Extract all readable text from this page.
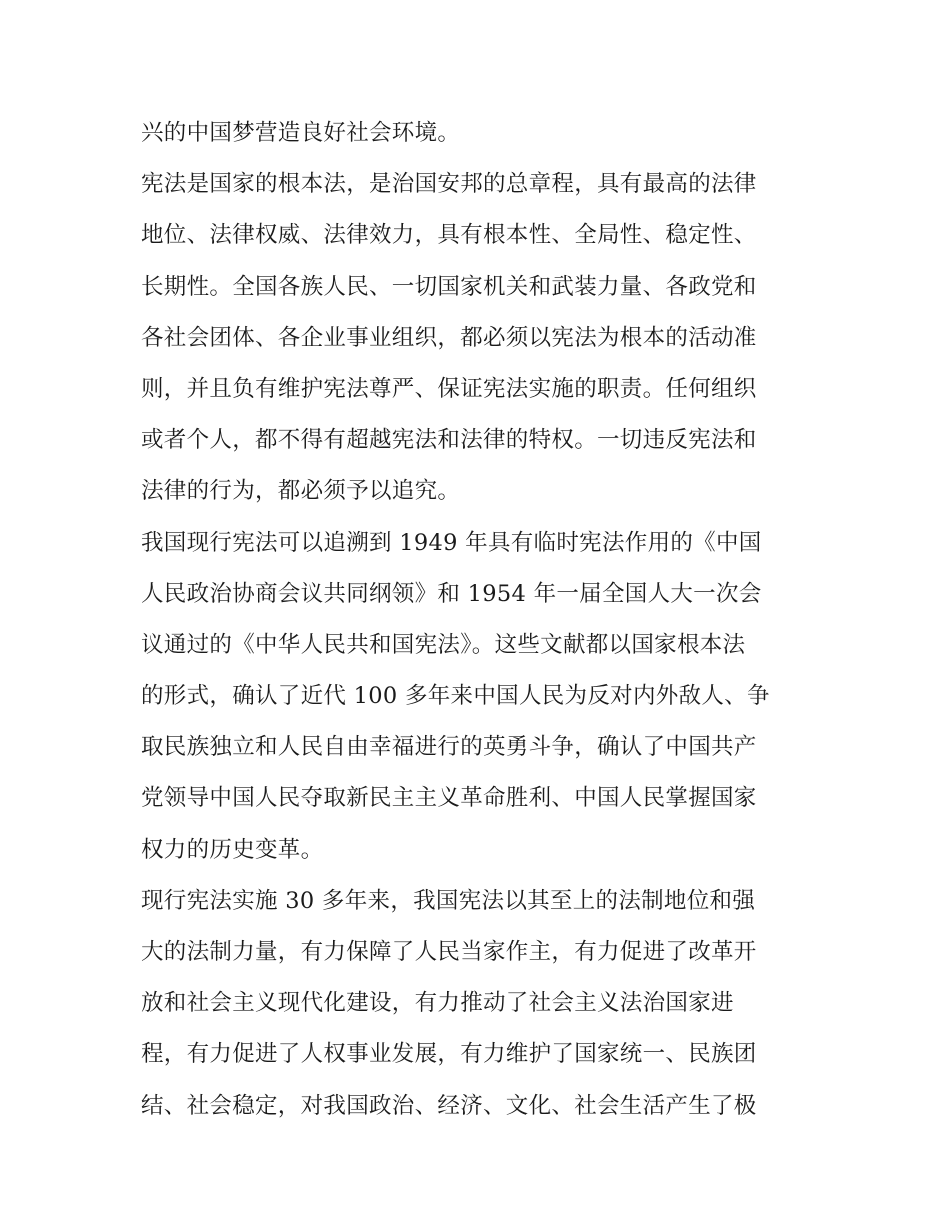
兴的中国梦营造良好社会环境。
宪法是国家的根本法，是治国安邦的总章程，具有最高的法律
地位、法律权威、法律效力，具有根本性、全局性、稳定性、
长期性。全国各族人民、一切国家机关和武装力量、各政党和
各社会团体、各企业事业组织，都必须以宪法为根本的活动准
则，并且负有维护宪法尊严、保证宪法实施的职责。任何组织
或者个人，都不得有超越宪法和法律的特权。一切违反宪法和
法律的行为，都必须予以追究。
我国现行宪法可以追溯到 1949 年具有临时宪法作用的《中国
人民政治协商会议共同纲领》和 1954 年一届全国人大一次会
议通过的《中华人民共和国宪法》。这些文献都以国家根本法
的形式，确认了近代 100 多年来中国人民为反对内外敌人、争
取民族独立和人民自由幸福进行的英勇斗争，确认了中国共产
党领导中国人民夺取新民主主义革命胜利、中国人民掌握国家
权力的历史变革。
现行宪法实施 30 多年来，我国宪法以其至上的法制地位和强
大的法制力量，有力保障了人民当家作主，有力促进了改革开
放和社会主义现代化建设，有力推动了社会主义法治国家进
程，有力促进了人权事业发展，有力维护了国家统一、民族团
结、社会稳定，对我国政治、经济、文化、社会生活产生了极
